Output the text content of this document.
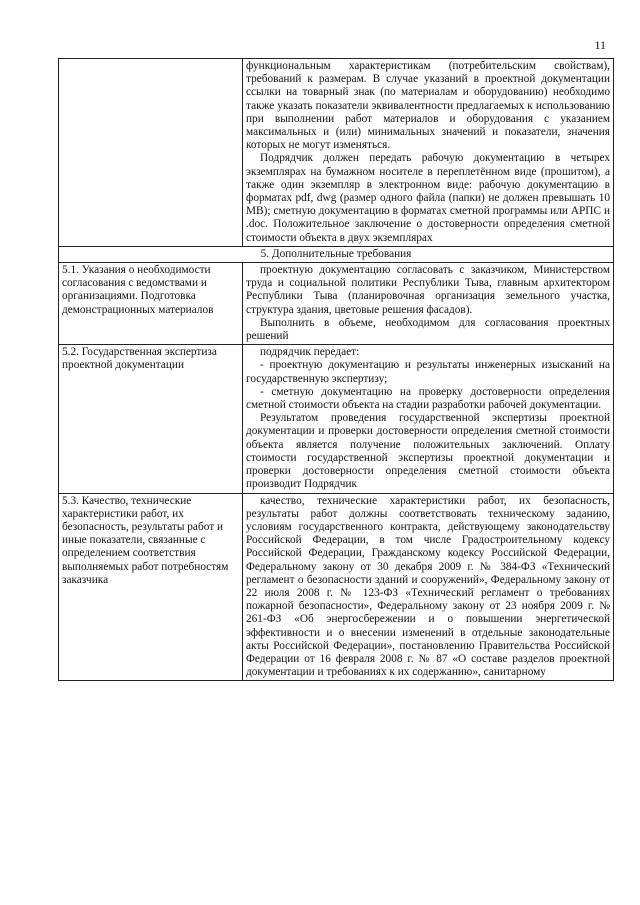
11

	функциональным характеристикам (потребительским свойствам), требований к размерам. В случае указаний в проектной документации ссылки на товарный знак (по материалам и оборудованию) необходимо также указать показатели эквивалентности предлагаемых к использованию при выполнении работ материалов и оборудования с указанием максимальных и (или) минимальных значений и показатели, значения которых не могут изменяться.

Подрядчик должен передать рабочую документацию в четырех экземплярах на бумажном носителе в переплетённом виде (прошитом), а также один экземпляр в электронном виде: рабочую документацию в форматах pdf, dwg (размер одного файла (папки) не должен превышать 10 MB); сметную документацию в форматах сметной программы или АРПС и .doc. Положительное заключение о достоверности определения сметной стоимости объекта в двух экземплярах

5. Дополнительные требования	
5.1. Указания о необходимости согласования с ведомствами и организациями. Подготовка демонстрационных материалов	проектную документацию согласовать с заказчиком, Министерством труда и социальной политики Республики Тыва, главным архитектором Республики Тыва (планировочная организация земельного участка, структура здания, цветовые решения фасадов).

Выполнить в объеме, необходимом для согласования проектных решений

5.2. Государственная экспертиза проектной документации	подрядчик передает:

- проектную документацию и результаты инженерных изысканий на государственную экспертизу;

- сметную документацию на проверку достоверности определения сметной стоимости объекта на стадии разработки рабочей документации.

Результатом проведения государственной экспертизы проектной документации и проверки достоверности определения сметной стоимости объекта является получение положительных заключений. Оплату стоимости государственной экспертизы проектной документации и проверки достоверности определения сметной стоимости объекта производит Подрядчик

5.3. Качество, технические характеристики работ, их безопасность, результаты работ и иные показатели, связанные с определением соответствия выполняемых работ потребностям заказчика	качество, технические характеристики работ, их безопасность, результаты работ должны соответствовать техническому заданию, условиям государственного контракта, действующему законодательству Российской Федерации, в том числе Градостроительному кодексу Российской Федерации, Гражданскому кодексу Российской Федерации, Федеральному закону от 30 декабря 2009 г. № 384-ФЗ «Технический регламент о безопасности зданий и сооружений», Федеральному закону от 22 июля 2008 г. № 123-ФЗ «Технический регламент о требованиях пожарной безопасности», Федеральному закону от 23 ноября 2009 г. № 261-ФЗ «Об энергосбережении и о повышении энергетической эффективности и о внесении изменений в отдельные законодательные акты Российской Федерации», постановлению Правительства Российской Федерации от 16 февраля 2008 г. № 87 «О составе разделов проектной документации и требованиях к их содержанию», санитарному
